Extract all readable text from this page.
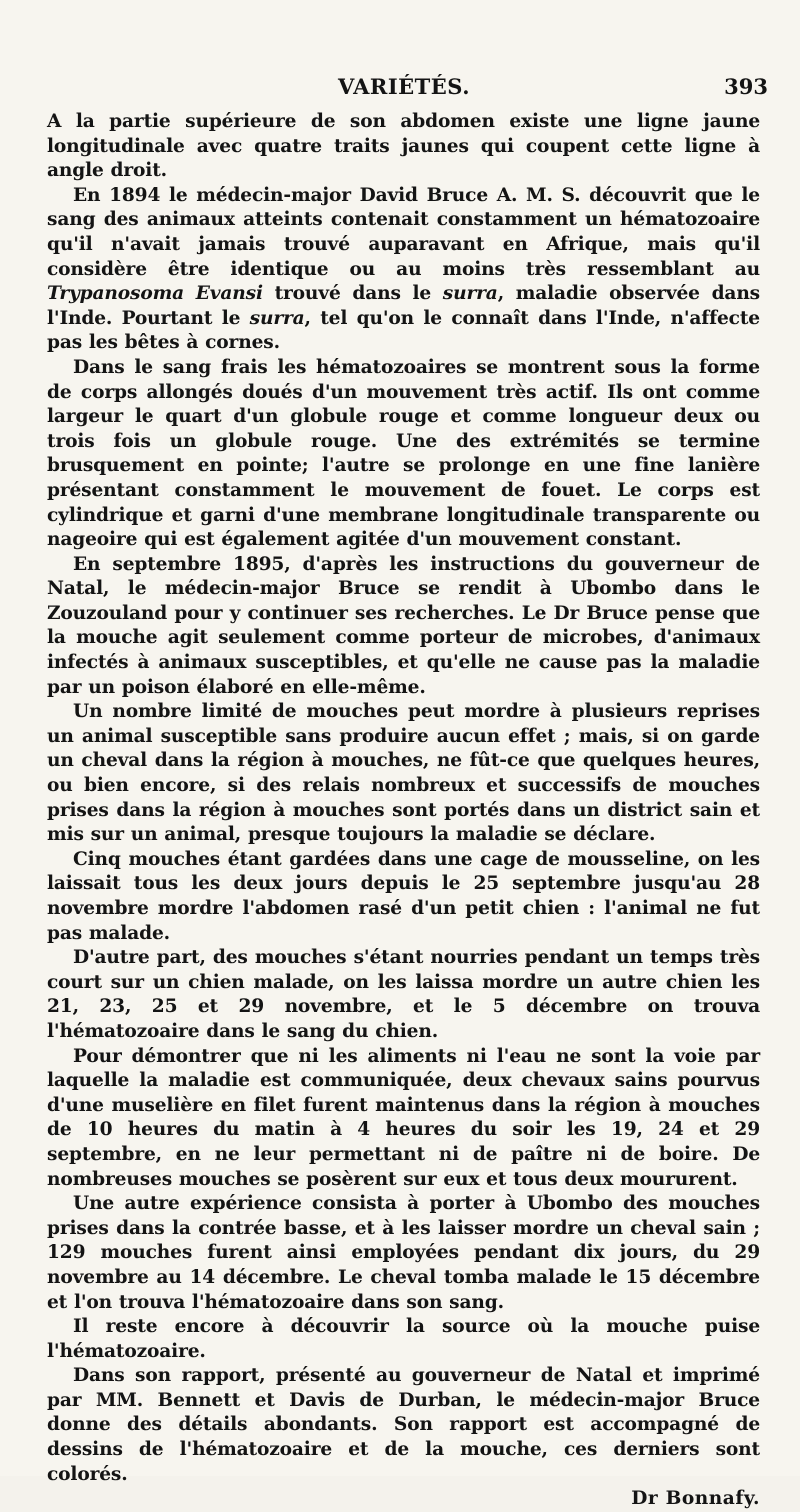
VARIÉTÉS.	393

A la partie supérieure de son abdomen existe une ligne jaune longitudinale avec quatre traits jaunes qui coupent cette ligne à angle droit.

En 1894 le médecin-major David Bruce A. M. S. découvrit que le sang des animaux atteints contenait constamment un hématozoaire qu'il n'avait jamais trouvé auparavant en Afrique, mais qu'il considère être identique ou au moins très ressemblant au Trypanosoma Evansi trouvé dans le surra, maladie observée dans l'Inde. Pourtant le surra, tel qu'on le connaît dans l'Inde, n'affecte pas les bêtes à cornes.

Dans le sang frais les hématozoaires se montrent sous la forme de corps allongés doués d'un mouvement très actif. Ils ont comme largeur le quart d'un globule rouge et comme longueur deux ou trois fois un globule rouge. Une des extrémités se termine brusquement en pointe; l'autre se prolonge en une fine lanière présentant constamment le mouvement de fouet. Le corps est cylindrique et garni d'une membrane longitudinale transparente ou nageoire qui est également agitée d'un mouvement constant.

En septembre 1895, d'après les instructions du gouverneur de Natal, le médecin-major Bruce se rendit à Ubombo dans le Zouzouland pour y continuer ses recherches. Le Dr Bruce pense que la mouche agit seulement comme porteur de microbes, d'animaux infectés à animaux susceptibles, et qu'elle ne cause pas la maladie par un poison élaboré en elle-même.

Un nombre limité de mouches peut mordre à plusieurs reprises un animal susceptible sans produire aucun effet ; mais, si on garde un cheval dans la région à mouches, ne fût-ce que quelques heures, ou bien encore, si des relais nombreux et successifs de mouches prises dans la région à mouches sont portés dans un district sain et mis sur un animal, presque toujours la maladie se déclare.

Cinq mouches étant gardées dans une cage de mousseline, on les laissait tous les deux jours depuis le 25 septembre jusqu'au 28 novembre mordre l'abdomen rasé d'un petit chien : l'animal ne fut pas malade.

D'autre part, des mouches s'étant nourries pendant un temps très court sur un chien malade, on les laissa mordre un autre chien les 21, 23, 25 et 29 novembre, et le 5 décembre on trouva l'hématozoaire dans le sang du chien.

Pour démontrer que ni les aliments ni l'eau ne sont la voie par laquelle la maladie est communiquée, deux chevaux sains pourvus d'une muselière en filet furent maintenus dans la région à mouches de 10 heures du matin à 4 heures du soir les 19, 24 et 29 septembre, en ne leur permettant ni de paître ni de boire. De nombreuses mouches se posèrent sur eux et tous deux moururent.

Une autre expérience consista à porter à Ubombo des mouches prises dans la contrée basse, et à les laisser mordre un cheval sain ; 129 mouches furent ainsi employées pendant dix jours, du 29 novembre au 14 décembre. Le cheval tomba malade le 15 décembre et l'on trouva l'hématozoaire dans son sang.

Il reste encore à découvrir la source où la mouche puise l'hématozoaire.

Dans son rapport, présenté au gouverneur de Natal et imprimé par MM. Bennett et Davis de Durban, le médecin-major Bruce donne des détails abondants. Son rapport est accompagné de dessins de l'hématozoaire et de la mouche, ces derniers sont colorés.

Dr Bonnafy.
